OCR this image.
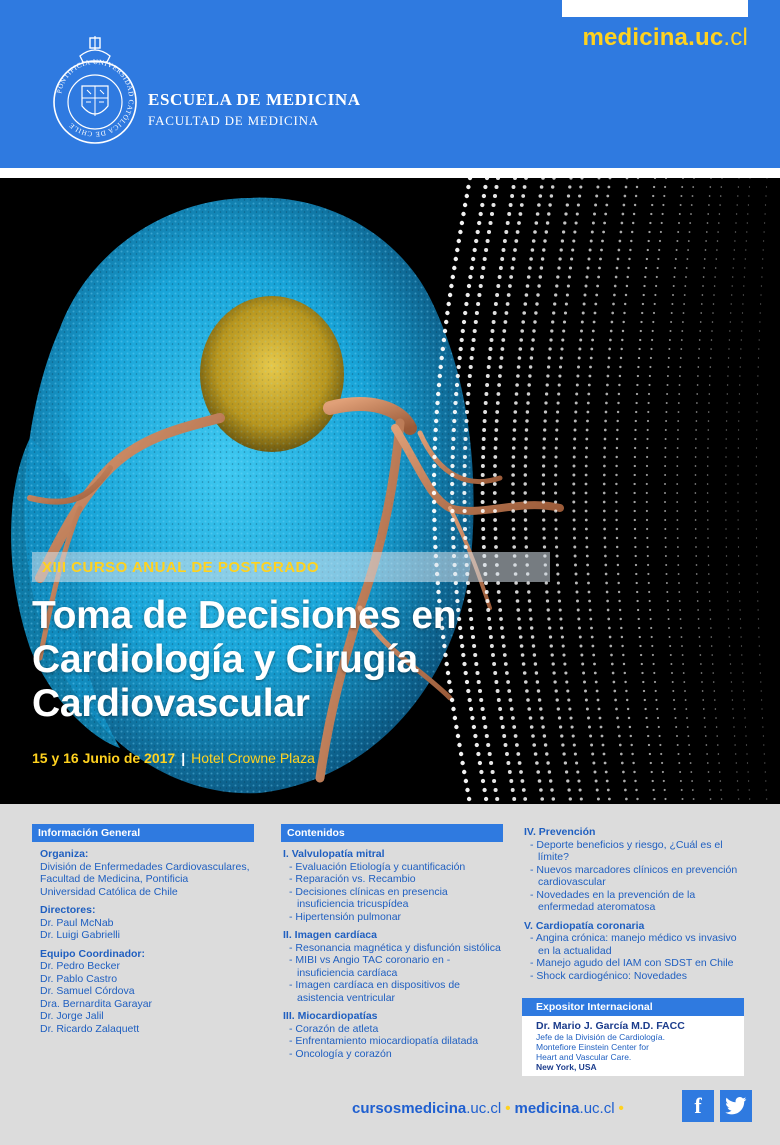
medicina.uc.cl
PONTIFICIA UNIVERSIDAD CATÓLICA DE CHILE
ESCUELA DE MEDICINA
FACULTAD DE MEDICINA
XIII CURSO ANUAL DE POSTGRADO
Toma de Decisiones en
Cardiología y Cirugía
Cardiovascular
15 y 16 Junio de 2017 | Hotel Crowne Plaza
Información General
Organiza:
División de Enfermedades Cardiovasculares,
Facultad de Medicina, Pontificia
Universidad Católica de Chile
Directores:
Dr. Paul McNab
Dr. Luigi Gabrielli
Equipo Coordinador:
Dr. Pedro Becker
Dr. Pablo Castro
Dr. Samuel Córdova
Dra. Bernardita Garayar
Dr. Jorge Jalil
Dr. Ricardo Zalaquett
Contenidos
I. Valvulopatía mitral
- Evaluación Etiología y cuantificación
- Reparación vs. Recambio
- Decisiones clínicas en presencia insuficiencia tricuspídea
- Hipertensión pulmonar
II. Imagen cardíaca
- Resonancia magnética y disfunción sistólica
- MIBI vs Angio TAC coronario en - insuficiencia cardíaca
- Imagen cardíaca en dispositivos de asistencia ventricular
III. Miocardiopatías
- Corazón de atleta
- Enfrentamiento miocardiopatía dilatada
- Oncología y corazón
IV. Prevención
- Deporte beneficios y riesgo, ¿Cuál es el límite?
- Nuevos marcadores clínicos en prevención cardiovascular
- Novedades en la prevención de la enfermedad ateromatosa
V. Cardiopatía coronaria
- Angina crónica: manejo médico vs invasivo en la actualidad
- Manejo agudo del IAM con SDST en Chile
- Shock cardiogénico: Novedades
Expositor Internacional
Dr. Mario J. García M.D. FACC
Jefe de la División de Cardiología.
Montefiore Einstein Center for
Heart and Vascular Care.
New York, USA
cursosmedicina.uc.cl • medicina.uc.cl •	f
